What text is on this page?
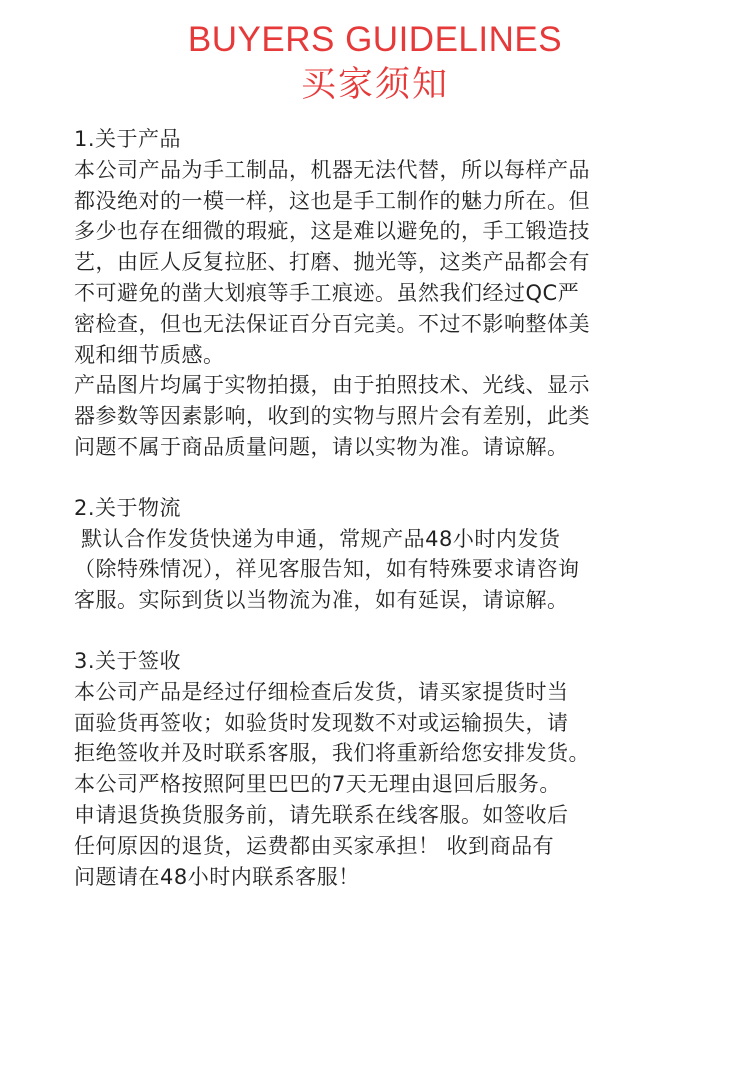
BUYERS GUIDELINES
买家须知
1.关于产品
本公司产品为手工制品，机器无法代替，所以每样产品
都没绝对的一模一样，这也是手工制作的魅力所在。但
多少也存在细微的瑕疵，这是难以避免的，手工锻造技
艺，由匠人反复拉胚、打磨、抛光等，这类产品都会有
不可避免的凿大划痕等手工痕迹。虽然我们经过QC严
密检查，但也无法保证百分百完美。不过不影响整体美
观和细节质感。
产品图片均属于实物拍摄，由于拍照技术、光线、显示
器参数等因素影响，收到的实物与照片会有差别，此类
问题不属于商品质量问题，请以实物为准。请谅解。
2.关于物流
默认合作发货快递为申通，常规产品48小时内发货
（除特殊情况），祥见客服告知，如有特殊要求请咨询
客服。实际到货以当物流为准，如有延误，请谅解。
3.关于签收
本公司产品是经过仔细检查后发货，请买家提货时当
面验货再签收；如验货时发现数不对或运输损失，请
拒绝签收并及时联系客服，我们将重新给您安排发货。
本公司严格按照阿里巴巴的7天无理由退回后服务。
申请退货换货服务前，请先联系在线客服。如签收后
任何原因的退货，运费都由买家承担！ 收到商品有
问题请在48小时内联系客服！
